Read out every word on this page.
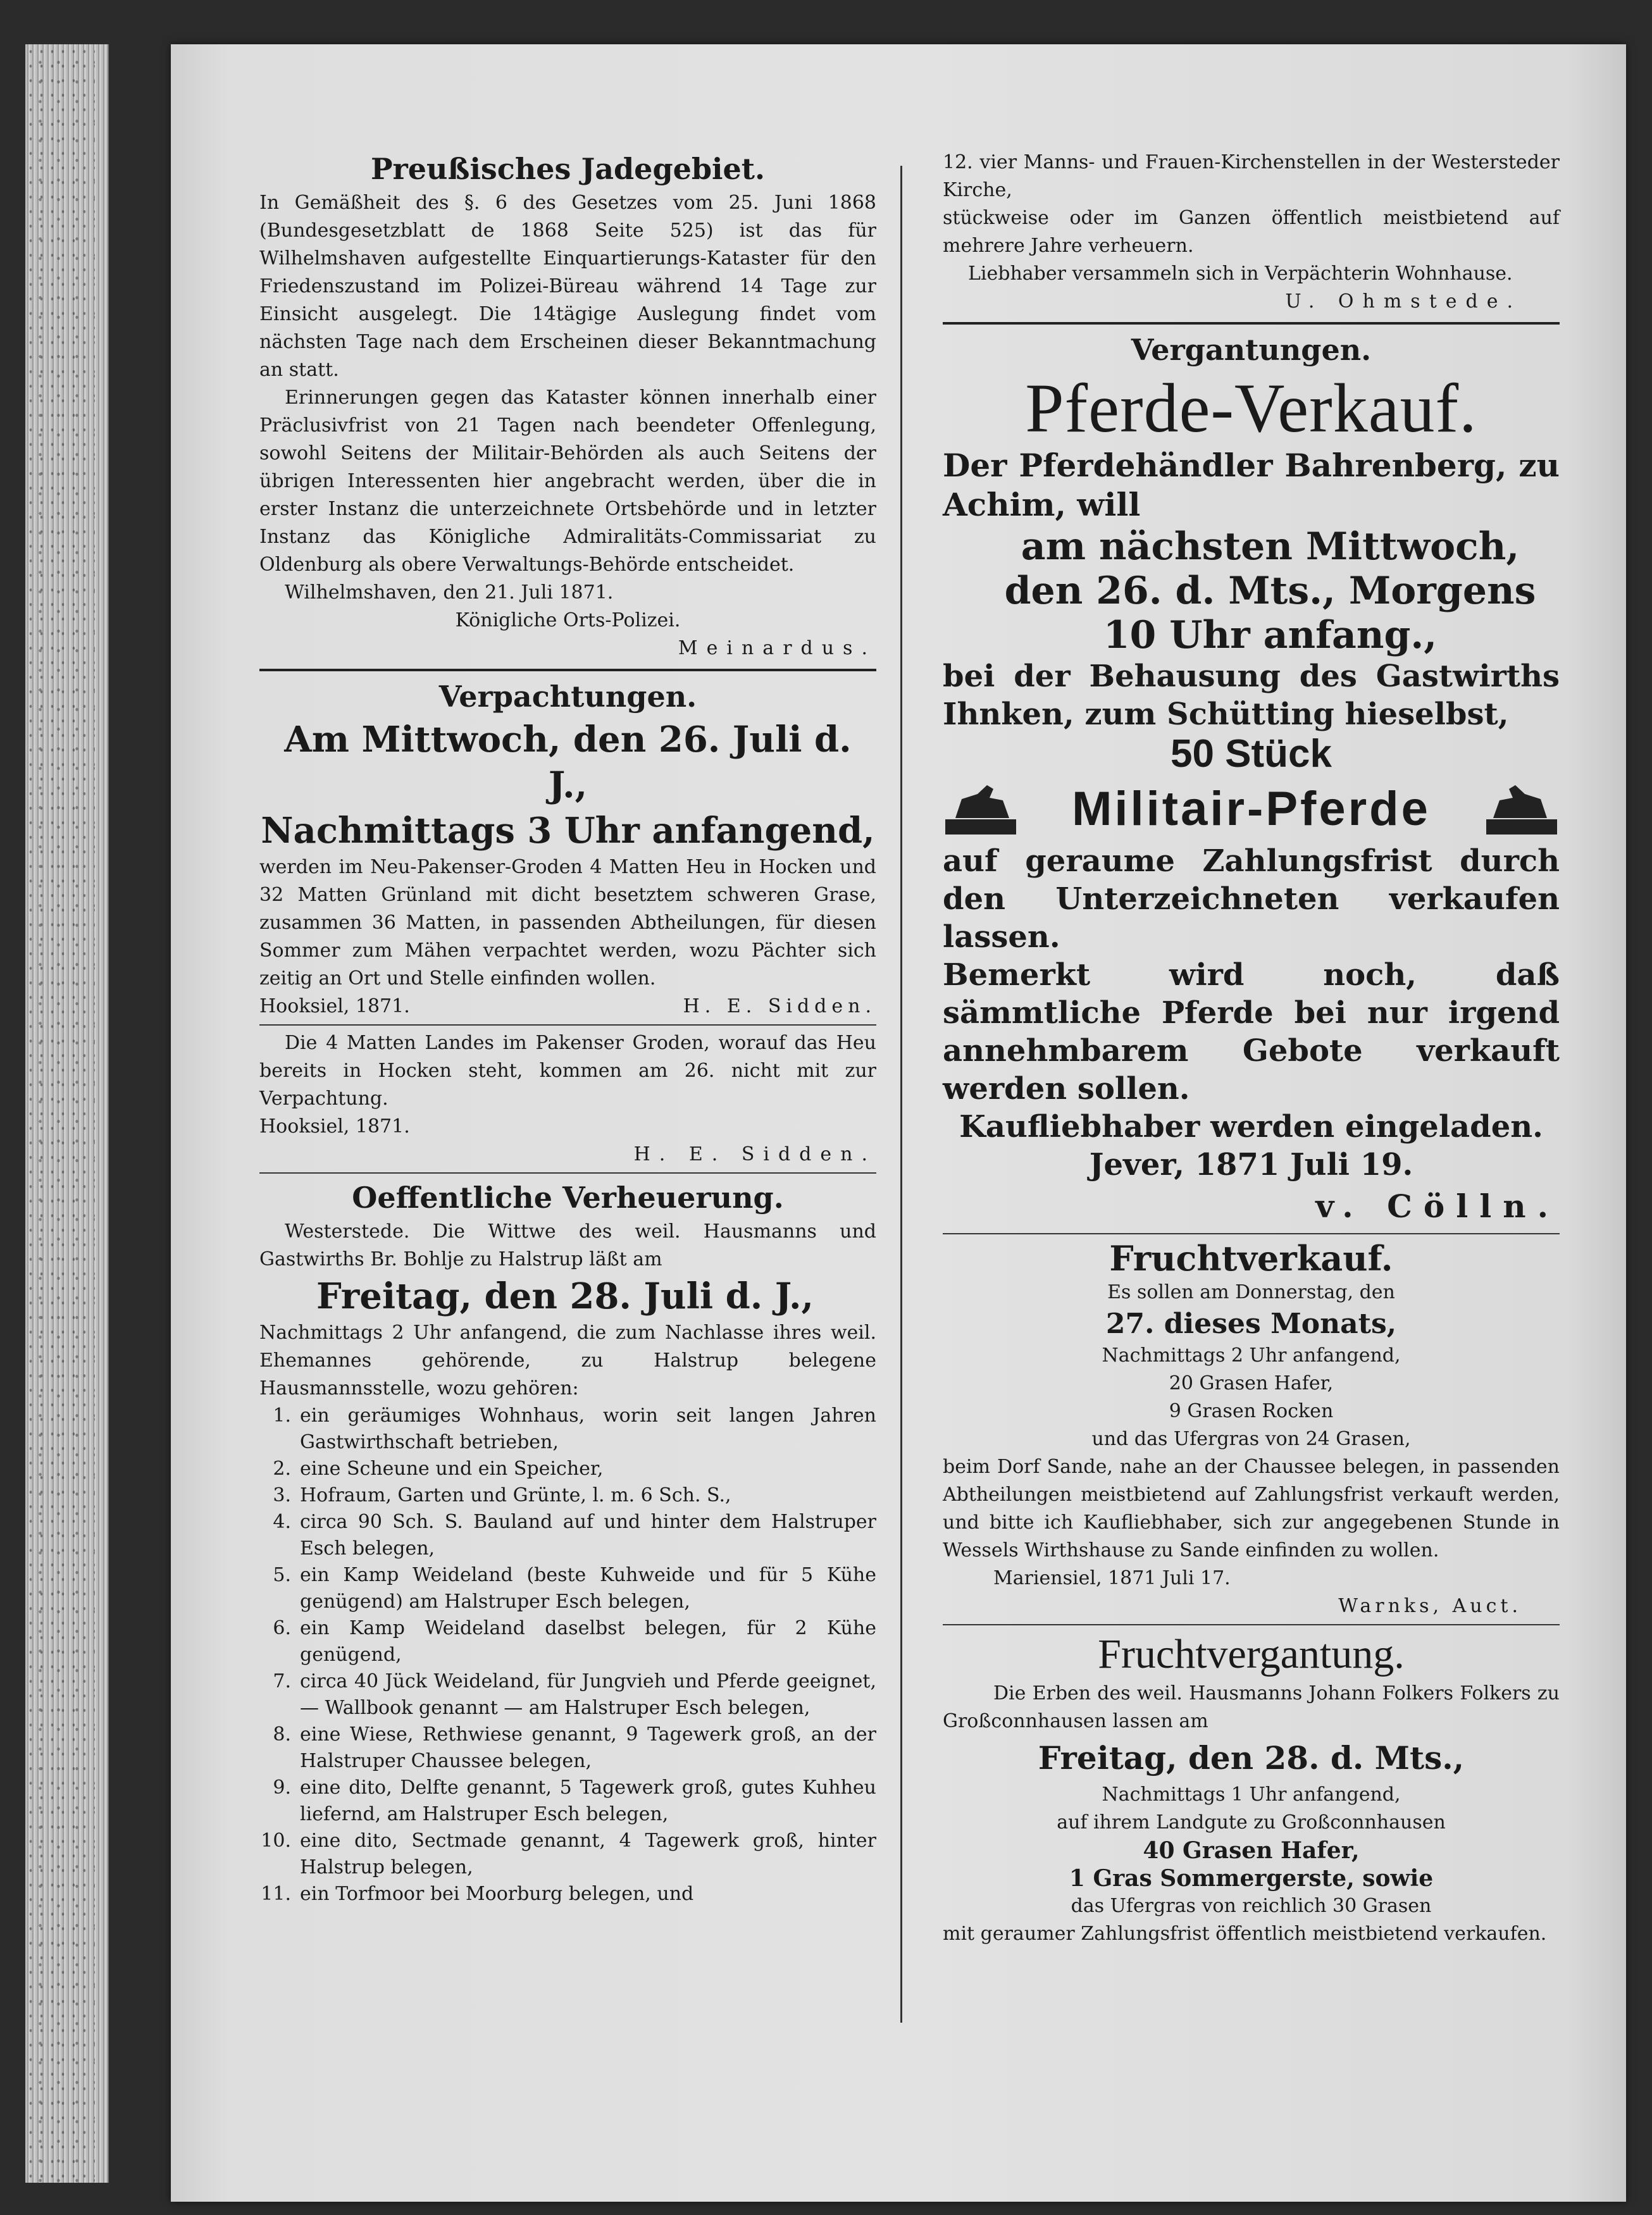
Preußisches Jadegebiet.

In Gemäßheit des §. 6 des Gesetzes vom 25. Juni 1868 (Bundesgesetzblatt de 1868 Seite 525) ist das für Wilhelmshaven aufgestellte Einquartierungs-Kataster für den Friedenszustand im Polizei-Büreau während 14 Tage zur Einsicht ausgelegt. Die 14tägige Auslegung findet vom nächsten Tage nach dem Erscheinen dieser Bekanntmachung an statt.

Erinnerungen gegen das Kataster können innerhalb einer Präclusivfrist von 21 Tagen nach beendeter Offenlegung, sowohl Seitens der Militair-Behörden als auch Seitens der übrigen Interessenten hier angebracht werden, über die in erster Instanz die unterzeichnete Ortsbehörde und in letzter Instanz das Königliche Admiralitäts-Commissariat zu Oldenburg als obere Verwaltungs-Behörde entscheidet.

Wilhelmshaven, den 21. Juli 1871.

Königliche Orts-Polizei.

Meinardus.

Verpachtungen.

Am Mittwoch, den 26. Juli d. J.,

Nachmittags 3 Uhr anfangend,

werden im Neu-Pakenser-Groden 4 Matten Heu in Hocken und 32 Matten Grünland mit dicht besetztem schweren Grase, zusammen 36 Matten, in passenden Abtheilungen, für diesen Sommer zum Mähen verpachtet werden, wozu Pächter sich zeitig an Ort und Stelle einfinden wollen.

Hooksiel, 1871.	H. E. Sidden.

Die 4 Matten Landes im Pakenser Groden, worauf das Heu bereits in Hocken steht, kommen am 26. nicht mit zur Verpachtung.

Hooksiel, 1871.

H. E. Sidden.

Oeffentliche Verheuerung.

Westerstede. Die Wittwe des weil. Hausmanns und Gastwirths Br. Bohlje zu Halstrup läßt am

Freitag, den 28. Juli d. J.,

Nachmittags 2 Uhr anfangend, die zum Nachlasse ihres weil. Ehemannes gehörende, zu Halstrup belegene Hausmannsstelle, wozu gehören:

1. ein geräumiges Wohnhaus, worin seit langen Jahren Gastwirthschaft betrieben,
2. eine Scheune und ein Speicher,
3. Hofraum, Garten und Grünte, l. m. 6 Sch. S.,
4. circa 90 Sch. S. Bauland auf und hinter dem Halstruper Esch belegen,
5. ein Kamp Weideland (beste Kuhweide und für 5 Kühe genügend) am Halstruper Esch belegen,
6. ein Kamp Weideland daselbst belegen, für 2 Kühe genügend,
7. circa 40 Jück Weideland, für Jungvieh und Pferde geeignet, — Wallbook genannt — am Halstruper Esch belegen,
8. eine Wiese, Rethwiese genannt, 9 Tagewerk groß, an der Halstruper Chaussee belegen,
9. eine dito, Delfte genannt, 5 Tagewerk groß, gutes Kuhheu liefernd, am Halstruper Esch belegen,
10. eine dito, Sectmade genannt, 4 Tagewerk groß, hinter Halstrup belegen,
11. ein Torfmoor bei Moorburg belegen, und

12. vier Manns- und Frauen-Kirchenstellen in der Westersteder Kirche,

stückweise oder im Ganzen öffentlich meistbietend auf mehrere Jahre verheuern.

Liebhaber versammeln sich in Verpächterin Wohnhause.

U. Ohmstede.

Vergantungen.

Pferde-Verkauf.

Der Pferdehändler Bahrenberg, zu Achim, will

am nächsten Mittwoch, den 26. d. Mts., Morgens 10 Uhr anfang.,

bei der Behausung des Gastwirths Ihnken, zum Schütting hieselbst,

50 Stück

Militair-Pferde

auf geraume Zahlungsfrist durch den Unterzeichneten verkaufen lassen.

Bemerkt wird noch, daß sämmtliche Pferde bei nur irgend annehmbarem Gebote verkauft werden sollen.

Kaufliebhaber werden eingeladen.

Jever, 1871 Juli 19.

v. Cölln.

Fruchtverkauf.

Es sollen am Donnerstag, den

27. dieses Monats,

Nachmittags 2 Uhr anfangend,

20 Grasen Hafer,

9 Grasen Rocken

und das Ufergras von 24 Grasen,

beim Dorf Sande, nahe an der Chaussee belegen, in passenden Abtheilungen meistbietend auf Zahlungsfrist verkauft werden, und bitte ich Kaufliebhaber, sich zur angegebenen Stunde in Wessels Wirthshause zu Sande einfinden zu wollen.

Mariensiel, 1871 Juli 17.

Warnks, Auct.

Fruchtvergantung.

Die Erben des weil. Hausmanns Johann Folkers Folkers zu Großconnhausen lassen am

Freitag, den 28. d. Mts.,

Nachmittags 1 Uhr anfangend,

auf ihrem Landgute zu Großconnhausen

40 Grasen Hafer,

1 Gras Sommergerste, sowie

das Ufergras von reichlich 30 Grasen

mit geraumer Zahlungsfrist öffentlich meistbietend verkaufen.
